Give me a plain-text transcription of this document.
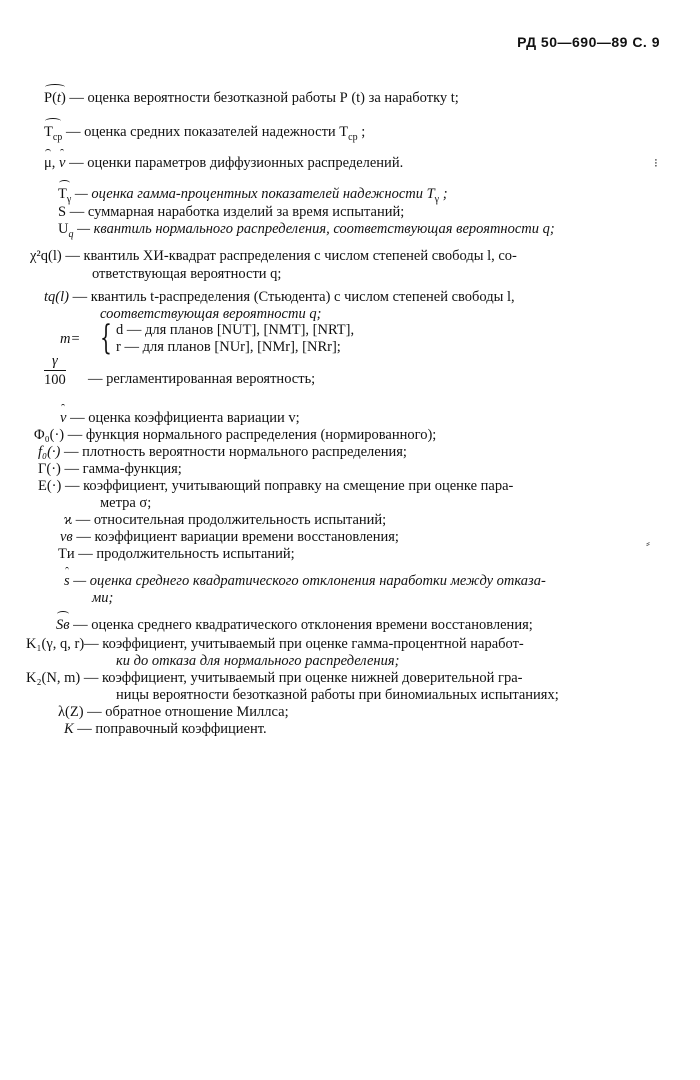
РД 50—690—89 С. 9
P(t) — оценка вероятности безотказной работы Р (t) за наработку t;
$T_{ср}$ — оценка средних показателей надежности $T_{ср}$ ;
μ, v — оценки параметров диффузионных распределений.
$T_\gamma$ — оценка гамма-процентных показателей надежности $T_\gamma$ ;
S — суммарная наработка изделий за время испытаний;
$U_q$ — квантиль нормального распределения, соответствующая вероятности q;
χ²q(l) — квантиль ХИ-квадрат распределения с числом степеней свободы l, со-
ответствующая вероятности q;
tq(l) — квантиль t-распределения (Стьюдента) с числом степеней свободы l,
соответствующая вероятности q;
m= { d — для планов [NUT], [NMT], [NRT],
r — для планов [NUr], [NMr], [NRr];
$\frac{\gamma}{100}$ — регламентированная вероятность;
v — оценка коэффициента вариации v;
Φ₀(·) — функция нормального распределения (нормированного);
f₀(·) — плотность вероятности нормального распределения;
Γ(·) — гамма-функция;
E(·) — коэффициент, учитывающий поправку на смещение при оценке пара-
метра σ;
ϰ — относительная продолжительность испытаний;
vв — коэффициент вариации времени восстановления;
Tи — продолжительность испытаний;
s — оценка среднего квадратического отклонения наработки между отказа-
ми;
Sв — оценка среднего квадратического отклонения времени восстановления;
K₁(γ, q, r)— коэффициент, учитываемый при оценке гамма-процентной наработ-
ки до отказа для нормального распределения;
K₂(N, m) — коэффициент, учитываемый при оценке нижней доверительной гра-
ницы вероятности безотказной работы при биномиальных испытаниях;
λ(Z) — обратное отношение Миллса;
K — поправочный коэффициент.
⁝
⸗
